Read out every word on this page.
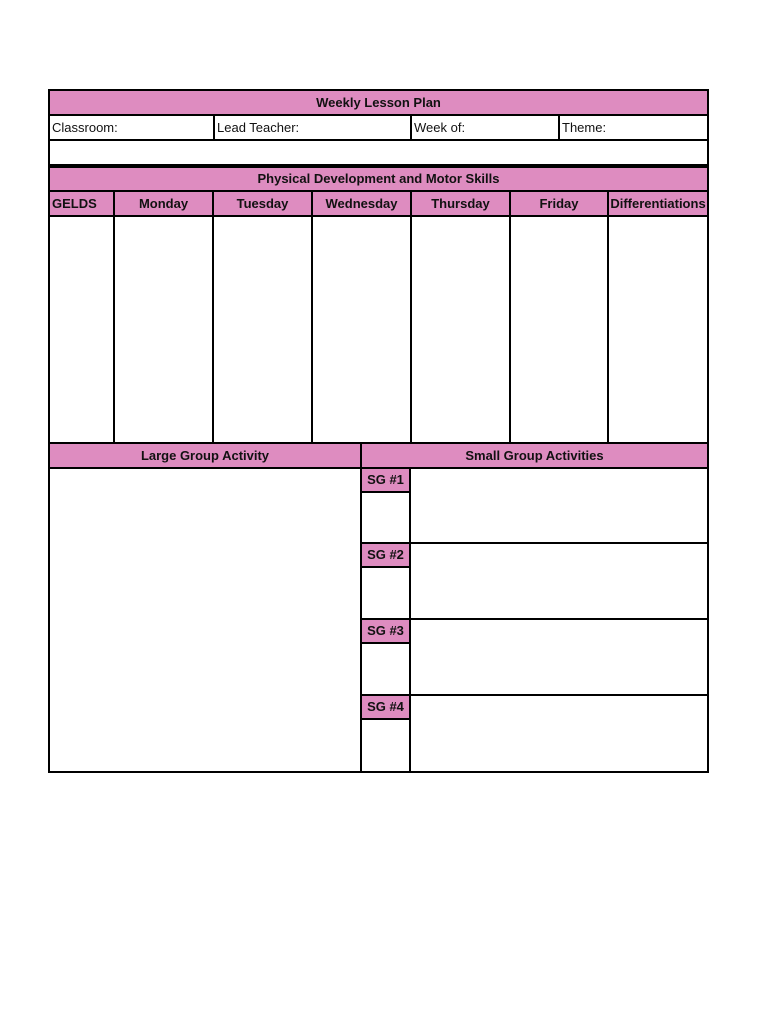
Weekly Lesson Plan
Classroom:	Lead Teacher:	Week of:	Theme:
Physical Development and Motor Skills
GELDS	Monday	Tuesday	Wednesday	Thursday	Friday	Differentiations
Large Group Activity	Small Group Activities
SG #1
SG #2
SG #3
SG #4
